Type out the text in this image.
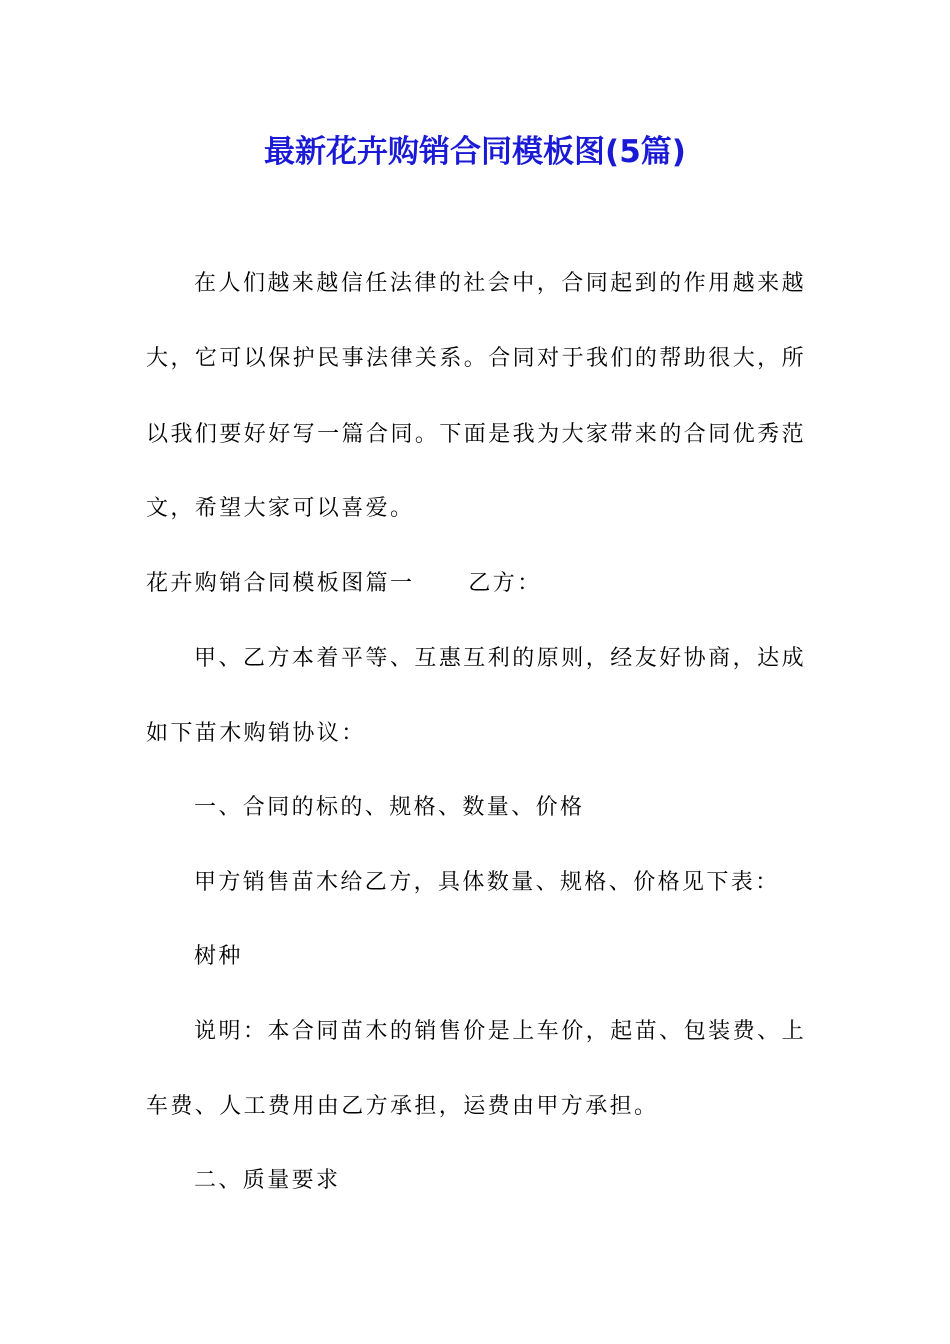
最新花卉购销合同模板图(5篇)

在人们越来越信任法律的社会中，合同起到的作用越来越

大，它可以保护民事法律关系。合同对于我们的帮助很大，所

以我们要好好写一篇合同。下面是我为大家带来的合同优秀范

文，希望大家可以喜爱。

花卉购销合同模板图篇一 乙方：

甲、乙方本着平等、互惠互利的原则，经友好协商，达成

如下苗木购销协议：

一、合同的标的、规格、数量、价格

甲方销售苗木给乙方，具体数量、规格、价格见下表：

树种

说明：本合同苗木的销售价是上车价，起苗、包装费、上

车费、人工费用由乙方承担，运费由甲方承担。

二、质量要求
